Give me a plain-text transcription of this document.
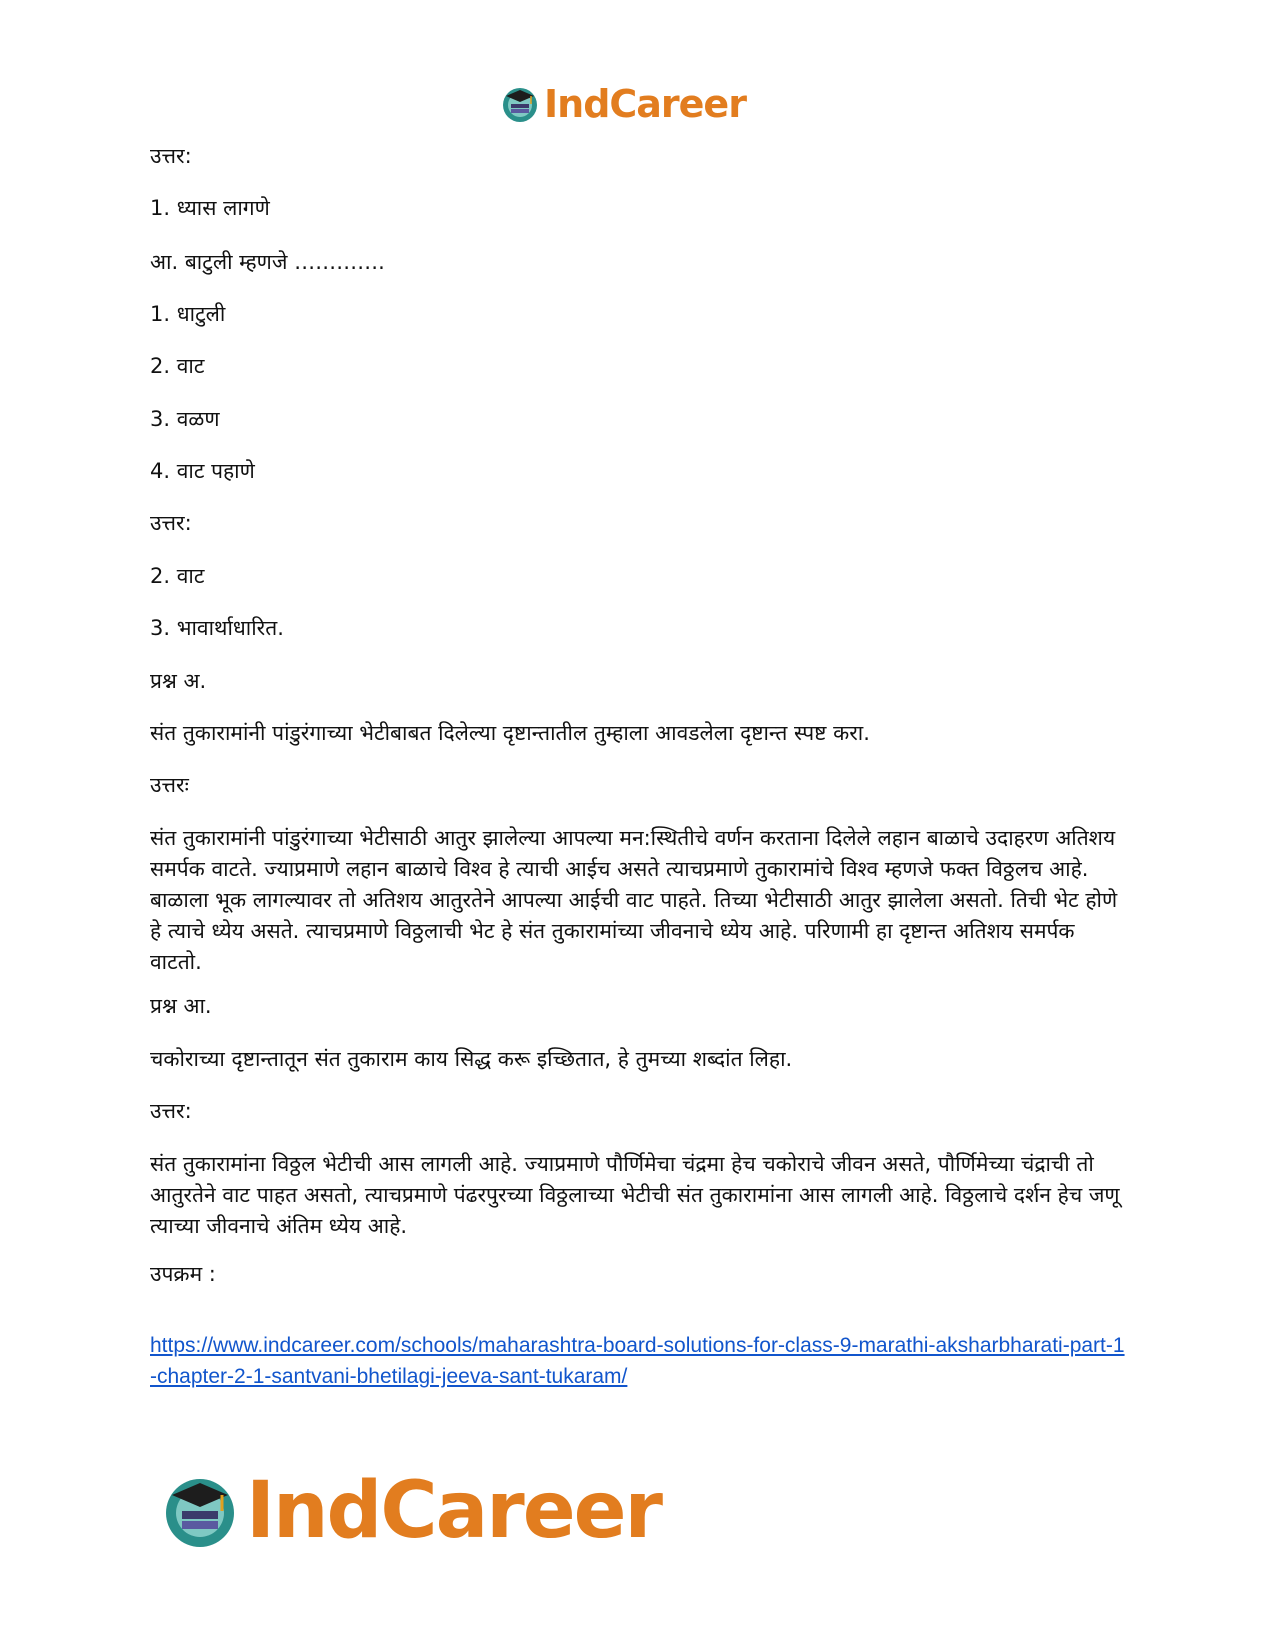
IndCareer
उत्तर:
1. ध्यास लागणे
आ. बाटुली म्हणजे ………….
1. धाटुली
2. वाट
3. वळण
4. वाट पहाणे
उत्तर:
2. वाट
3. भावार्थाधारित.
प्रश्न अ.
संत तुकारामांनी पांडुरंगाच्या भेटीबाबत दिलेल्या दृष्टान्तातील तुम्हाला आवडलेला दृष्टान्त स्पष्ट करा.
उत्तरः
संत तुकारामांनी पांडुरंगाच्या भेटीसाठी आतुर झालेल्या आपल्या मन:स्थितीचे वर्णन करताना दिलेले लहान बाळाचे उदाहरण अतिशय समर्पक वाटते. ज्याप्रमाणे लहान बाळाचे विश्व हे त्याची आईच असते त्याचप्रमाणे तुकारामांचे विश्व म्हणजे फक्त विठ्ठलच आहे. बाळाला भूक लागल्यावर तो अतिशय आतुरतेने आपल्या आईची वाट पाहते. तिच्या भेटीसाठी आतुर झालेला असतो. तिची भेट होणे हे त्याचे ध्येय असते. त्याचप्रमाणे विठ्ठलाची भेट हे संत तुकारामांच्या जीवनाचे ध्येय आहे. परिणामी हा दृष्टान्त अतिशय समर्पक वाटतो.
प्रश्न आ.
चकोराच्या दृष्टान्तातून संत तुकाराम काय सिद्ध करू इच्छितात, हे तुमच्या शब्दांत लिहा.
उत्तर:
संत तुकारामांना विठ्ठल भेटीची आस लागली आहे. ज्याप्रमाणे पौर्णिमेचा चंद्रमा हेच चकोराचे जीवन असते, पौर्णिमेच्या चंद्राची तो आतुरतेने वाट पाहत असतो, त्याचप्रमाणे पंढरपुरच्या विठ्ठलाच्या भेटीची संत तुकारामांना आस लागली आहे. विठ्ठलाचे दर्शन हेच जणू त्याच्या जीवनाचे अंतिम ध्येय आहे.
उपक्रम :
https://www.indcareer.com/schools/maharashtra-board-solutions-for-class-9-marathi-aksharbharati-part-1-chapter-2-1-santvani-bhetilagi-jeeva-sant-tukaram/
IndCareer
